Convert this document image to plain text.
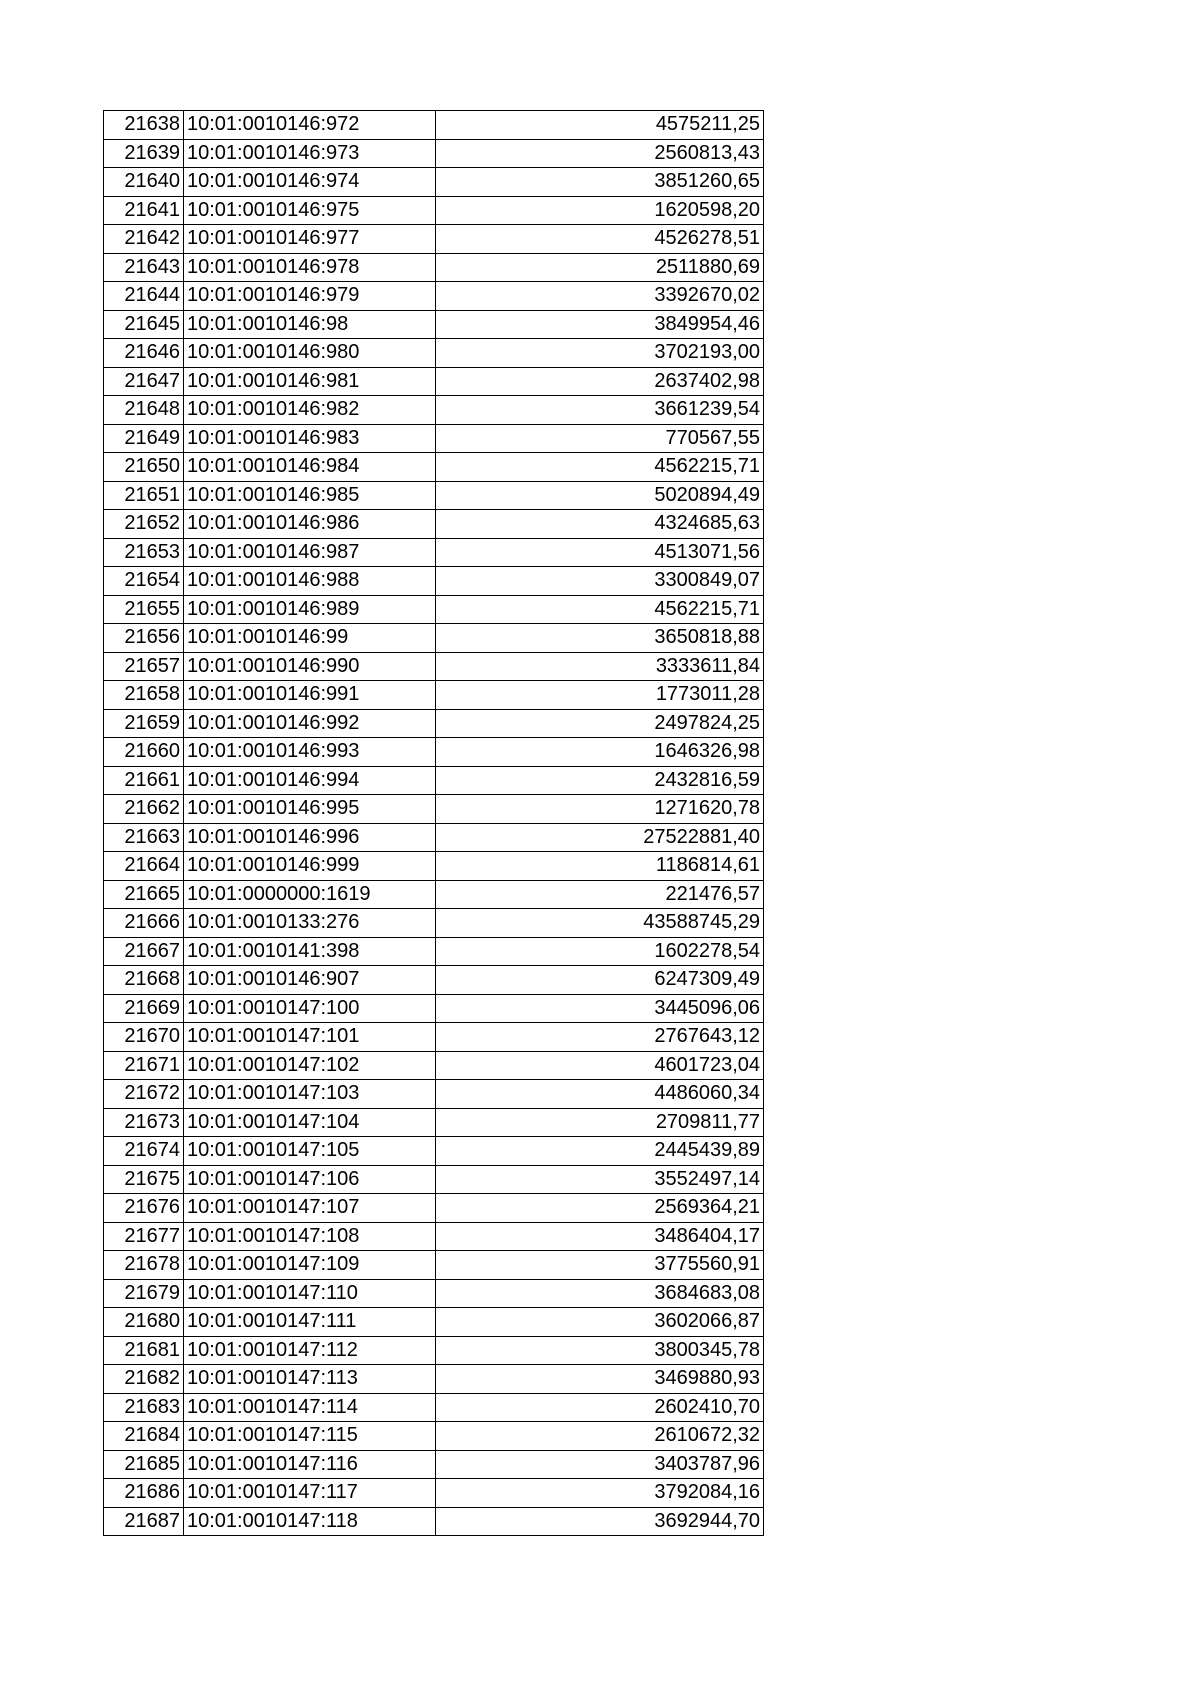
21638	10:01:0010146:972	4575211,25
21639	10:01:0010146:973	2560813,43
21640	10:01:0010146:974	3851260,65
21641	10:01:0010146:975	1620598,20
21642	10:01:0010146:977	4526278,51
21643	10:01:0010146:978	2511880,69
21644	10:01:0010146:979	3392670,02
21645	10:01:0010146:98	3849954,46
21646	10:01:0010146:980	3702193,00
21647	10:01:0010146:981	2637402,98
21648	10:01:0010146:982	3661239,54
21649	10:01:0010146:983	770567,55
21650	10:01:0010146:984	4562215,71
21651	10:01:0010146:985	5020894,49
21652	10:01:0010146:986	4324685,63
21653	10:01:0010146:987	4513071,56
21654	10:01:0010146:988	3300849,07
21655	10:01:0010146:989	4562215,71
21656	10:01:0010146:99	3650818,88
21657	10:01:0010146:990	3333611,84
21658	10:01:0010146:991	1773011,28
21659	10:01:0010146:992	2497824,25
21660	10:01:0010146:993	1646326,98
21661	10:01:0010146:994	2432816,59
21662	10:01:0010146:995	1271620,78
21663	10:01:0010146:996	27522881,40
21664	10:01:0010146:999	1186814,61
21665	10:01:0000000:1619	221476,57
21666	10:01:0010133:276	43588745,29
21667	10:01:0010141:398	1602278,54
21668	10:01:0010146:907	6247309,49
21669	10:01:0010147:100	3445096,06
21670	10:01:0010147:101	2767643,12
21671	10:01:0010147:102	4601723,04
21672	10:01:0010147:103	4486060,34
21673	10:01:0010147:104	2709811,77
21674	10:01:0010147:105	2445439,89
21675	10:01:0010147:106	3552497,14
21676	10:01:0010147:107	2569364,21
21677	10:01:0010147:108	3486404,17
21678	10:01:0010147:109	3775560,91
21679	10:01:0010147:110	3684683,08
21680	10:01:0010147:111	3602066,87
21681	10:01:0010147:112	3800345,78
21682	10:01:0010147:113	3469880,93
21683	10:01:0010147:114	2602410,70
21684	10:01:0010147:115	2610672,32
21685	10:01:0010147:116	3403787,96
21686	10:01:0010147:117	3792084,16
21687	10:01:0010147:118	3692944,70
